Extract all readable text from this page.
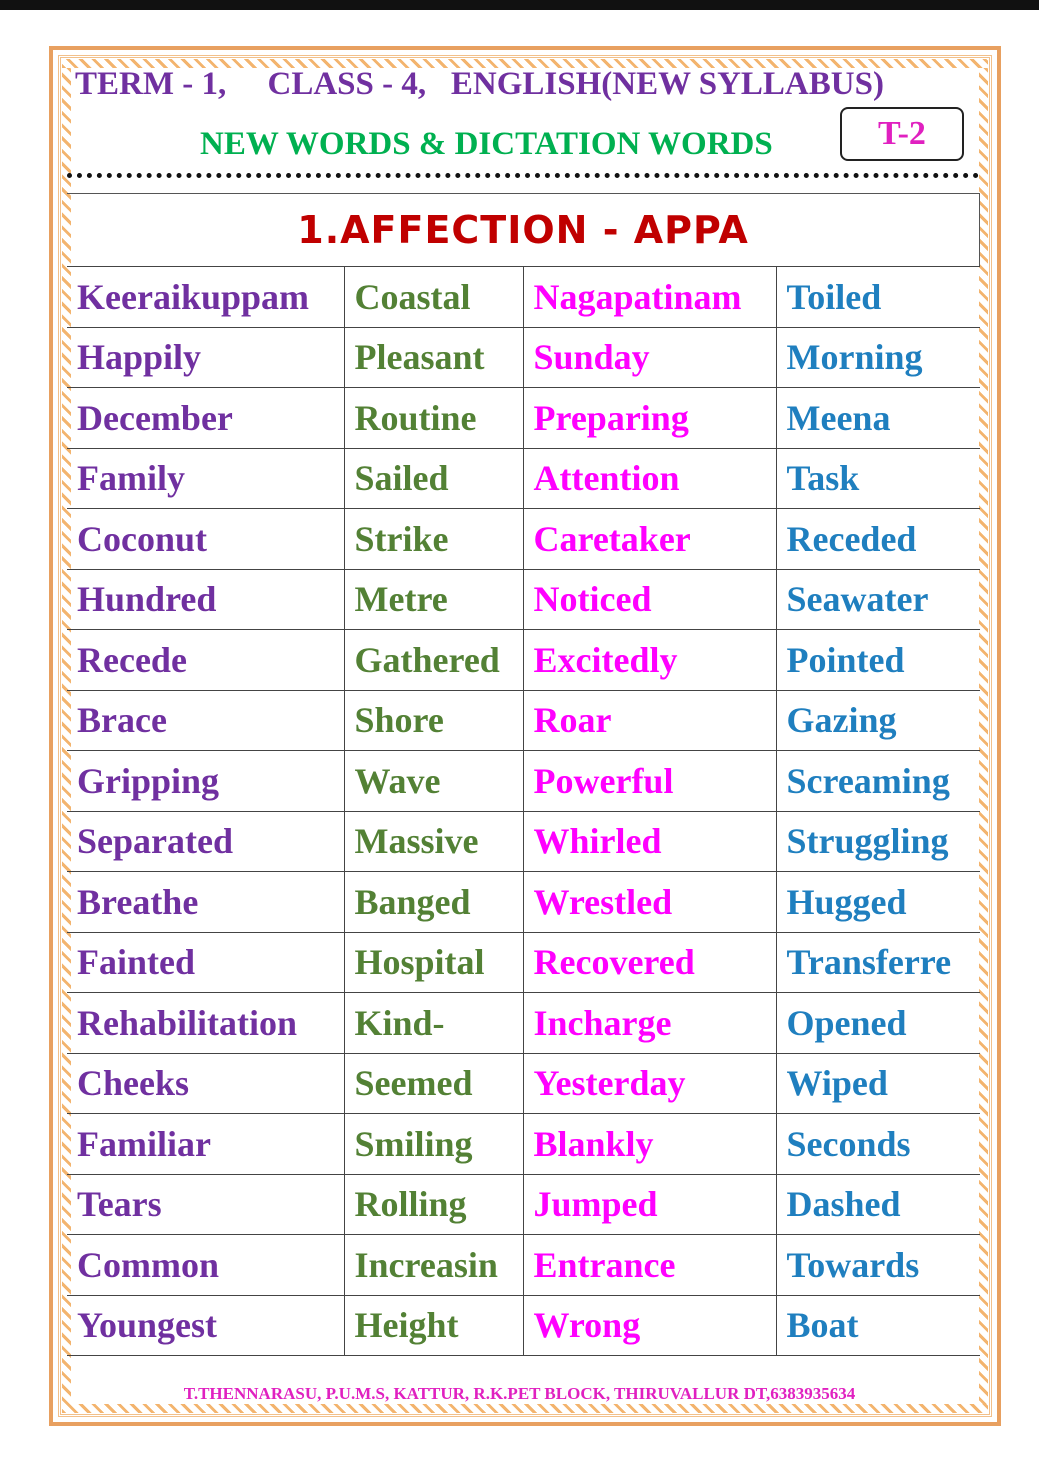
TERM - 1,     CLASS - 4,   ENGLISH(NEW SYLLABUS)
NEW WORDS & DICTATION WORDS	T-2
1.AFFECTION - APPA
Keeraikuppam	Coastal	Nagapatinam	Toiled
Happily	Pleasant	Sunday	Morning
December	Routine	Preparing	Meena
Family	Sailed	Attention	Task
Coconut	Strike	Caretaker	Receded
Hundred	Metre	Noticed	Seawater
Recede	Gathered	Excitedly	Pointed
Brace	Shore	Roar	Gazing
Gripping	Wave	Powerful	Screaming
Separated	Massive	Whirled	Struggling
Breathe	Banged	Wrestled	Hugged
Fainted	Hospital	Recovered	Transferre
Rehabilitation	Kind-	Incharge	Opened
Cheeks	Seemed	Yesterday	Wiped
Familiar	Smiling	Blankly	Seconds
Tears	Rolling	Jumped	Dashed
Common	Increasin	Entrance	Towards
Youngest	Height	Wrong	Boat
T.THENNARASU, P.U.M.S, KATTUR, R.K.PET BLOCK, THIRUVALLUR DT,6383935634
